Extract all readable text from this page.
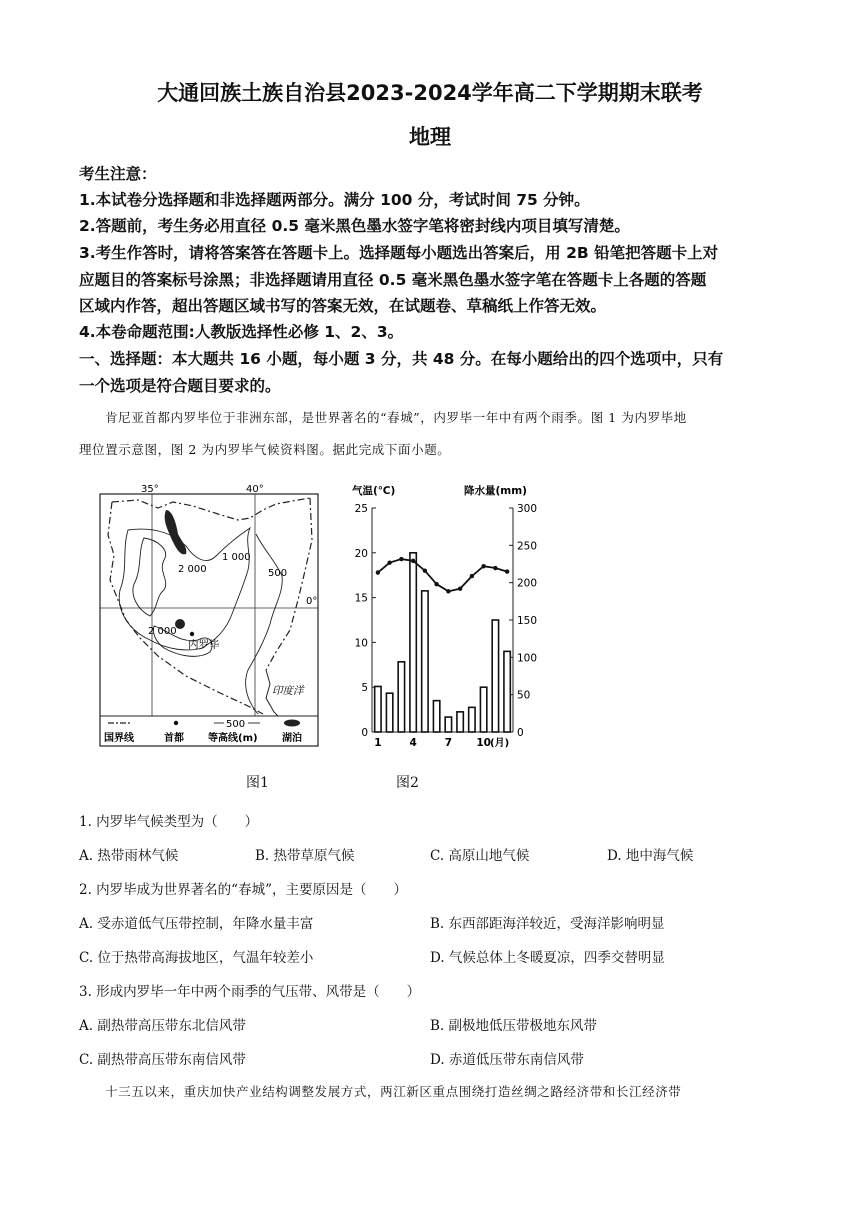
大通回族土族自治县2023-2024学年高二下学期期末联考
地理
考生注意：
1.本试卷分选择题和非选择题两部分。满分 100 分，考试时间 75 分钟。
2.答题前，考生务必用直径 0.5 毫米黑色墨水签字笔将密封线内项目填写清楚。
3.考生作答时，请将答案答在答题卡上。选择题每小题选出答案后，用 2B 铅笔把答题卡上对
应题目的答案标号涂黑；非选择题请用直径 0.5 毫米黑色墨水签字笔在答题卡上各题的答题
区域内作答，超出答题区域书写的答案无效，在试题卷、草稿纸上作答无效。
4.本卷命题范围:人教版选择性必修 1、2、3。
一、选择题：本大题共 16 小题，每小题 3 分，共 48 分。在每小题给出的四个选项中，只有
一个选项是符合题目要求的。
肯尼亚首都内罗毕位于非洲东部，是世界著名的“春城”，内罗毕一年中有两个雨季。图 1 为内罗毕地
理位置示意图，图 2 为内罗毕气候资料图。据此完成下面小题。
35°	40°
0°
1 000
2 000	500
2 000
内罗毕
印度洋
500
国界线	首都 等高线(m) 湖泊
图1
气温(℃)	降水量(mm)
0
5
10
15
20
25
0
50
100
150
200
250
300
1	4	7 10 (月)
图2
1. 内罗毕气候类型为（　　）
A. 热带雨林气候	B. 热带草原气候	C. 高原山地气候	D. 地中海气候
2. 内罗毕成为世界著名的“春城”，主要原因是（　　）
A. 受赤道低气压带控制，年降水量丰富	B. 东西部距海洋较近，受海洋影响明显
C. 位于热带高海拔地区，气温年较差小	D. 气候总体上冬暖夏凉，四季交替明显
3. 形成内罗毕一年中两个雨季的气压带、风带是（　　）
A. 副热带高压带东北信风带	B. 副极地低压带极地东风带
C. 副热带高压带东南信风带	D. 赤道低压带东南信风带
十三五以来，重庆加快产业结构调整发展方式，两江新区重点围绕打造丝绸之路经济带和长江经济带
